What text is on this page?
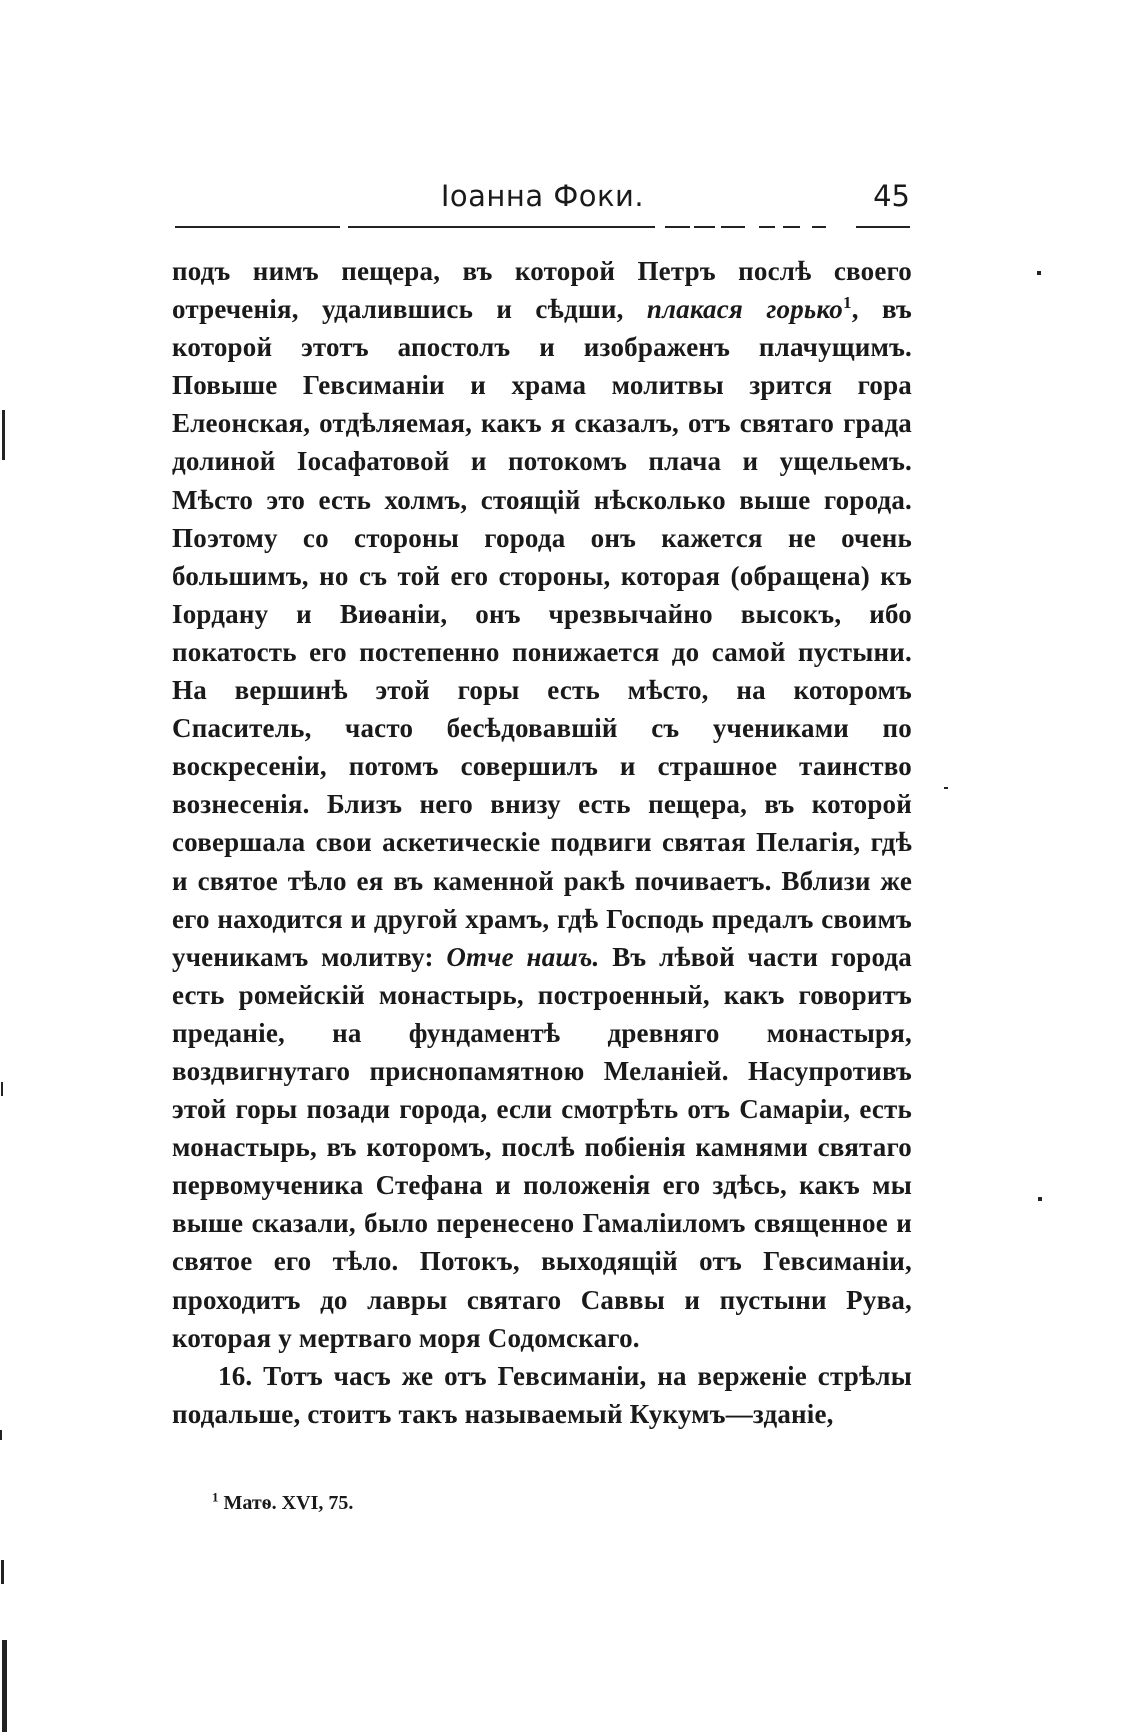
Іоанна Фоки.	45

подъ нимъ пещера, въ которой Петръ послѣ своего отреченія, удалившись и сѣдши, плакася горько$^1$, въ которой этотъ апостолъ и изображенъ плачущимъ. Повыше Гевсиманіи и храма молитвы зрится гора Елеонская, отдѣляемая, какъ я сказалъ, отъ святаго града долиной Іосафатовой и потокомъ плача и ущельемъ. Мѣсто это есть холмъ, стоящій нѣсколько выше города. Поэтому со стороны города онъ кажется не очень большимъ, но съ той его стороны, которая (обращена) къ Іордану и Виѳаніи, онъ чрезвычайно высокъ, ибо покатость его постепенно понижается до самой пустыни. На вершинѣ этой горы есть мѣсто, на которомъ Спаситель, часто бесѣдовавшій съ учениками по воскресеніи, потомъ совершилъ и страшное таинство вознесенія. Близъ него внизу есть пещера, въ которой совершала свои аскетическіе подвиги святая Пелагія, гдѣ и святое тѣло ея въ каменной ракѣ почиваетъ. Вблизи же его находится и другой храмъ, гдѣ Господь предалъ своимъ ученикамъ молитву: Отче нашъ. Въ лѣвой части города есть ромейскій монастырь, построенный, какъ говоритъ преданіе, на фундаментѣ древняго монастыря, воздвигнутаго приснопамятною Меланіей. Насупротивъ этой горы позади города, если смотрѣть отъ Самаріи, есть монастырь, въ которомъ, послѣ побіенія камнями святаго первомученика Стефана и положенія его здѣсь, какъ мы выше сказали, было перенесено Гамаліиломъ священное и святое его тѣло. Потокъ, выходящій отъ Гевсиманіи, проходитъ до лавры святаго Саввы и пустыни Рува, которая у мертваго моря Содомскаго.

16. Тотъ часъ же отъ Гевсиманіи, на верженіе стрѣлы подальше, стоитъ такъ называемый Кукумъ—зданіе,

$^1$ Матѳ. XVI, 75.
